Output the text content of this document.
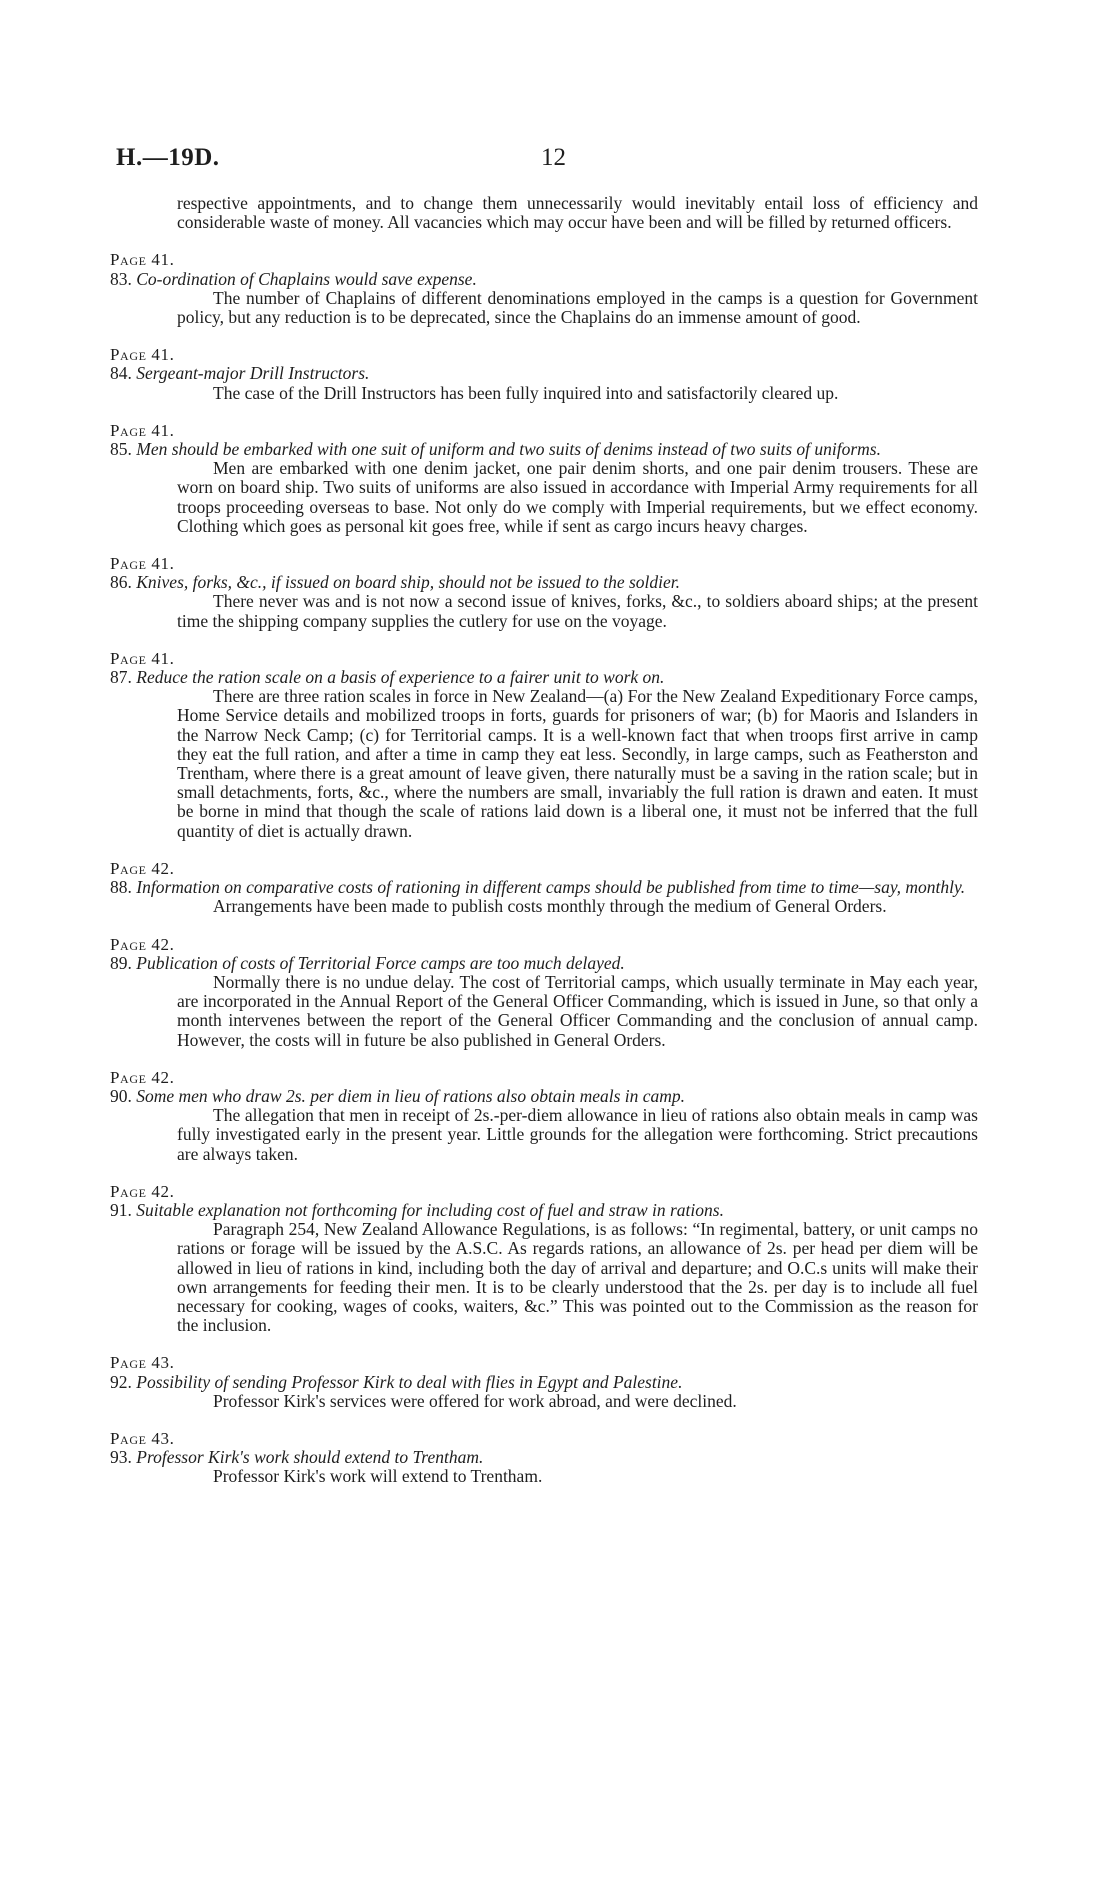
H.—19D.	12
respective appointments, and to change them unnecessarily would inevitably entail loss of efficiency and considerable waste of money. All vacancies which may occur have been and will be filled by returned officers.
Page 41.
83. Co-ordination of Chaplains would save expense.
The number of Chaplains of different denominations employed in the camps is a question for Government policy, but any reduction is to be deprecated, since the Chaplains do an immense amount of good.
Page 41.
84. Sergeant-major Drill Instructors.
The case of the Drill Instructors has been fully inquired into and satisfactorily cleared up.
Page 41.
85. Men should be embarked with one suit of uniform and two suits of denims instead of two suits of uniforms.
Men are embarked with one denim jacket, one pair denim shorts, and one pair denim trousers. These are worn on board ship. Two suits of uniforms are also issued in accordance with Imperial Army requirements for all troops proceeding overseas to base. Not only do we comply with Imperial requirements, but we effect economy. Clothing which goes as personal kit goes free, while if sent as cargo incurs heavy charges.
Page 41.
86. Knives, forks, &c., if issued on board ship, should not be issued to the soldier.
There never was and is not now a second issue of knives, forks, &c., to soldiers aboard ships; at the present time the shipping company supplies the cutlery for use on the voyage.
Page 41.
87. Reduce the ration scale on a basis of experience to a fairer unit to work on.
There are three ration scales in force in New Zealand—(a) For the New Zealand Expeditionary Force camps, Home Service details and mobilized troops in forts, guards for prisoners of war; (b) for Maoris and Islanders in the Narrow Neck Camp; (c) for Territorial camps. It is a well-known fact that when troops first arrive in camp they eat the full ration, and after a time in camp they eat less. Secondly, in large camps, such as Featherston and Trentham, where there is a great amount of leave given, there naturally must be a saving in the ration scale; but in small detachments, forts, &c., where the numbers are small, invariably the full ration is drawn and eaten. It must be borne in mind that though the scale of rations laid down is a liberal one, it must not be inferred that the full quantity of diet is actually drawn.
Page 42.
88. Information on comparative costs of rationing in different camps should be published from time to time—say, monthly.
Arrangements have been made to publish costs monthly through the medium of General Orders.
Page 42.
89. Publication of costs of Territorial Force camps are too much delayed.
Normally there is no undue delay. The cost of Territorial camps, which usually terminate in May each year, are incorporated in the Annual Report of the General Officer Commanding, which is issued in June, so that only a month intervenes between the report of the General Officer Commanding and the conclusion of annual camp. However, the costs will in future be also published in General Orders.
Page 42.
90. Some men who draw 2s. per diem in lieu of rations also obtain meals in camp.
The allegation that men in receipt of 2s.-per-diem allowance in lieu of rations also obtain meals in camp was fully investigated early in the present year. Little grounds for the allegation were forthcoming. Strict precautions are always taken.
Page 42.
91. Suitable explanation not forthcoming for including cost of fuel and straw in rations.
Paragraph 254, New Zealand Allowance Regulations, is as follows: “In regimental, battery, or unit camps no rations or forage will be issued by the A.S.C. As regards rations, an allowance of 2s. per head per diem will be allowed in lieu of rations in kind, including both the day of arrival and departure; and O.C.s units will make their own arrangements for feeding their men. It is to be clearly understood that the 2s. per day is to include all fuel necessary for cooking, wages of cooks, waiters, &c.” This was pointed out to the Commission as the reason for the inclusion.
Page 43.
92. Possibility of sending Professor Kirk to deal with flies in Egypt and Palestine.
Professor Kirk's services were offered for work abroad, and were declined.
Page 43.
93. Professor Kirk's work should extend to Trentham.
Professor Kirk's work will extend to Trentham.
